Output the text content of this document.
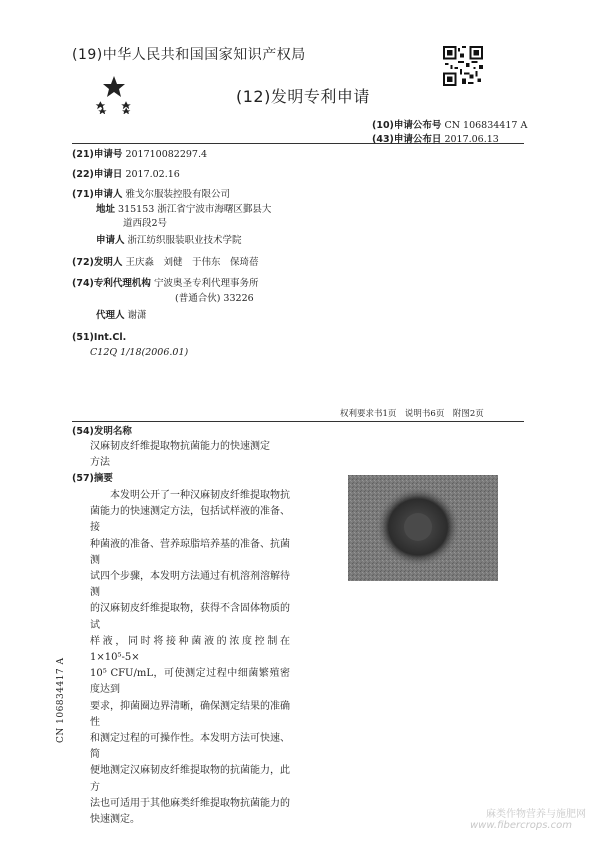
(19)中华人民共和国国家知识产权局
(12)发明专利申请
(10)申请公布号 CN 106834417 A
(43)申请公布日 2017.06.13
(21)申请号 201710082297.4
(22)申请日 2017.02.16
(71)申请人 雅戈尔服装控股有限公司
地址 315153 浙江省宁波市海曙区鄞县大
道西段2号
申请人 浙江纺织服装职业技术学院
(72)发明人 王庆淼　刘健　于伟东　保琦蓓
(74)专利代理机构 宁波奥圣专利代理事务所
(普通合伙) 33226
代理人 谢潇
(51)Int.Cl.
C12Q 1/18(2006.01)
权利要求书1页　说明书6页　附图2页
(54)发明名称
汉麻韧皮纤维提取物抗菌能力的快速测定
方法
(57)摘要
　　本发明公开了一种汉麻韧皮纤维提取物抗
菌能力的快速测定方法，包括试样液的准备、接
种菌液的准备、营养琼脂培养基的准备、抗菌测
试四个步骤，本发明方法通过有机溶剂溶解待测
的汉麻韧皮纤维提取物，获得不含固体物质的试
样液，同时将接种菌液的浓度控制在1×10⁵-5×
10⁵ CFU/mL，可使测定过程中细菌繁殖密度达到
要求，抑菌圈边界清晰，确保测定结果的准确性
和测定过程的可操作性。本发明方法可快速、简
便地测定汉麻韧皮纤维提取物的抗菌能力，此方
法也可适用于其他麻类纤维提取物抗菌能力的
快速测定。
CN 106834417 A
麻类作物营养与施肥网
www.fibercrops.com
